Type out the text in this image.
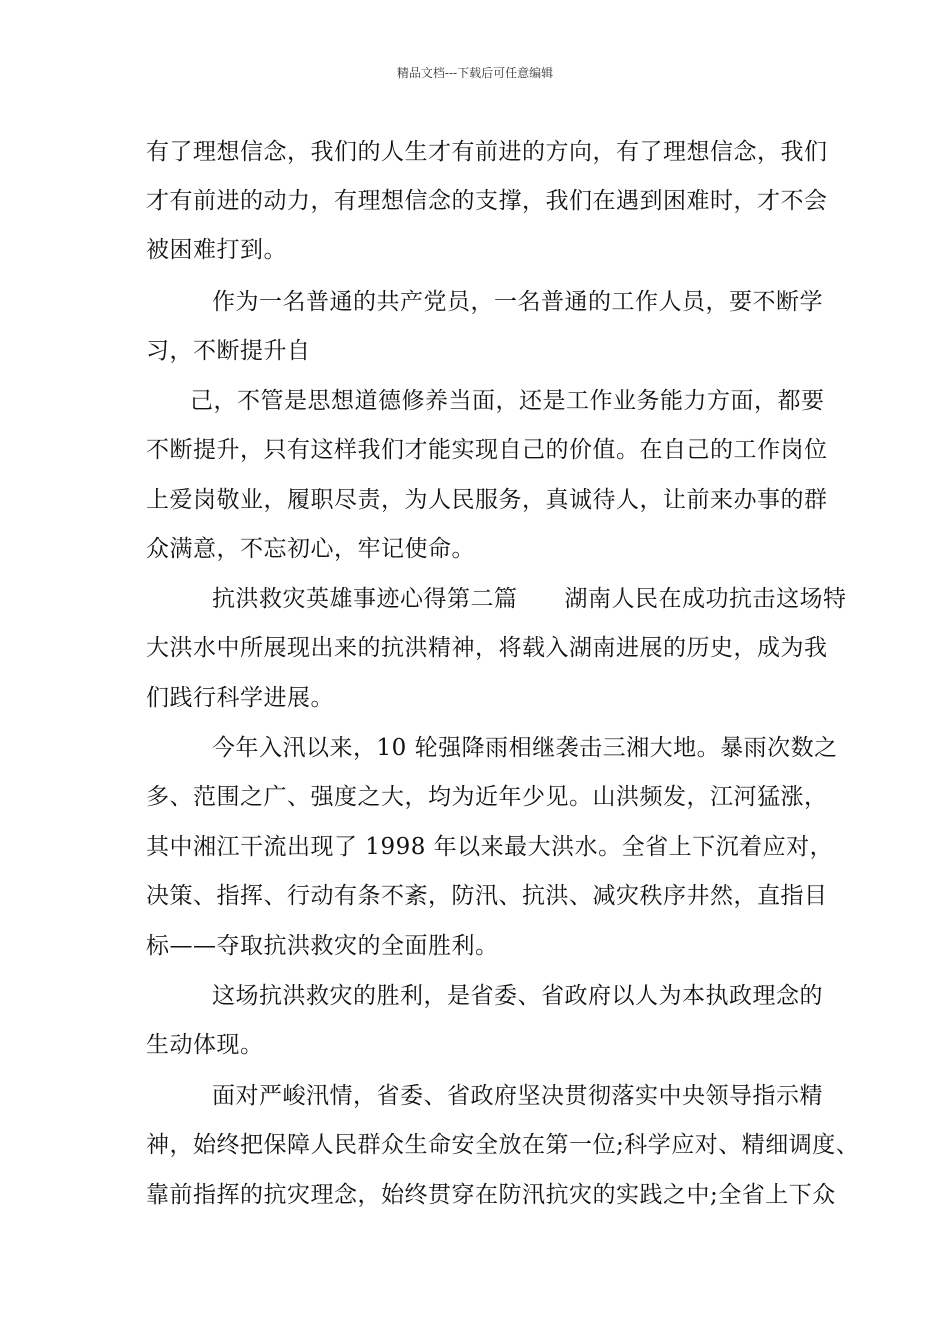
精品文档---下载后可任意编辑
有了理想信念，我们的人生才有前进的方向，有了理想信念，我们
才有前进的动力，有理想信念的支撑，我们在遇到困难时，才不会
被困难打到。
作为一名普通的共产党员，一名普通的工作人员，要不断学
习，不断提升自
己，不管是思想道德修养当面，还是工作业务能力方面，都要
不断提升，只有这样我们才能实现自己的价值。在自己的工作岗位
上爱岗敬业，履职尽责，为人民服务，真诚待人，让前来办事的群
众满意，不忘初心，牢记使命。
抗洪救灾英雄事迹心得第二篇　　湖南人民在成功抗击这场特
大洪水中所展现出来的抗洪精神，将载入湖南进展的历史，成为我
们践行科学进展。
今年入汛以来，10 轮强降雨相继袭击三湘大地。暴雨次数之
多、范围之广、强度之大，均为近年少见。山洪频发，江河猛涨，
其中湘江干流出现了 1998 年以来最大洪水。全省上下沉着应对，
决策、指挥、行动有条不紊，防汛、抗洪、减灾秩序井然，直指目
标——夺取抗洪救灾的全面胜利。
这场抗洪救灾的胜利，是省委、省政府以人为本执政理念的
生动体现。
面对严峻汛情，省委、省政府坚决贯彻落实中央领导指示精
神，始终把保障人民群众生命安全放在第一位;科学应对、精细调度、
靠前指挥的抗灾理念，始终贯穿在防汛抗灾的实践之中;全省上下众
